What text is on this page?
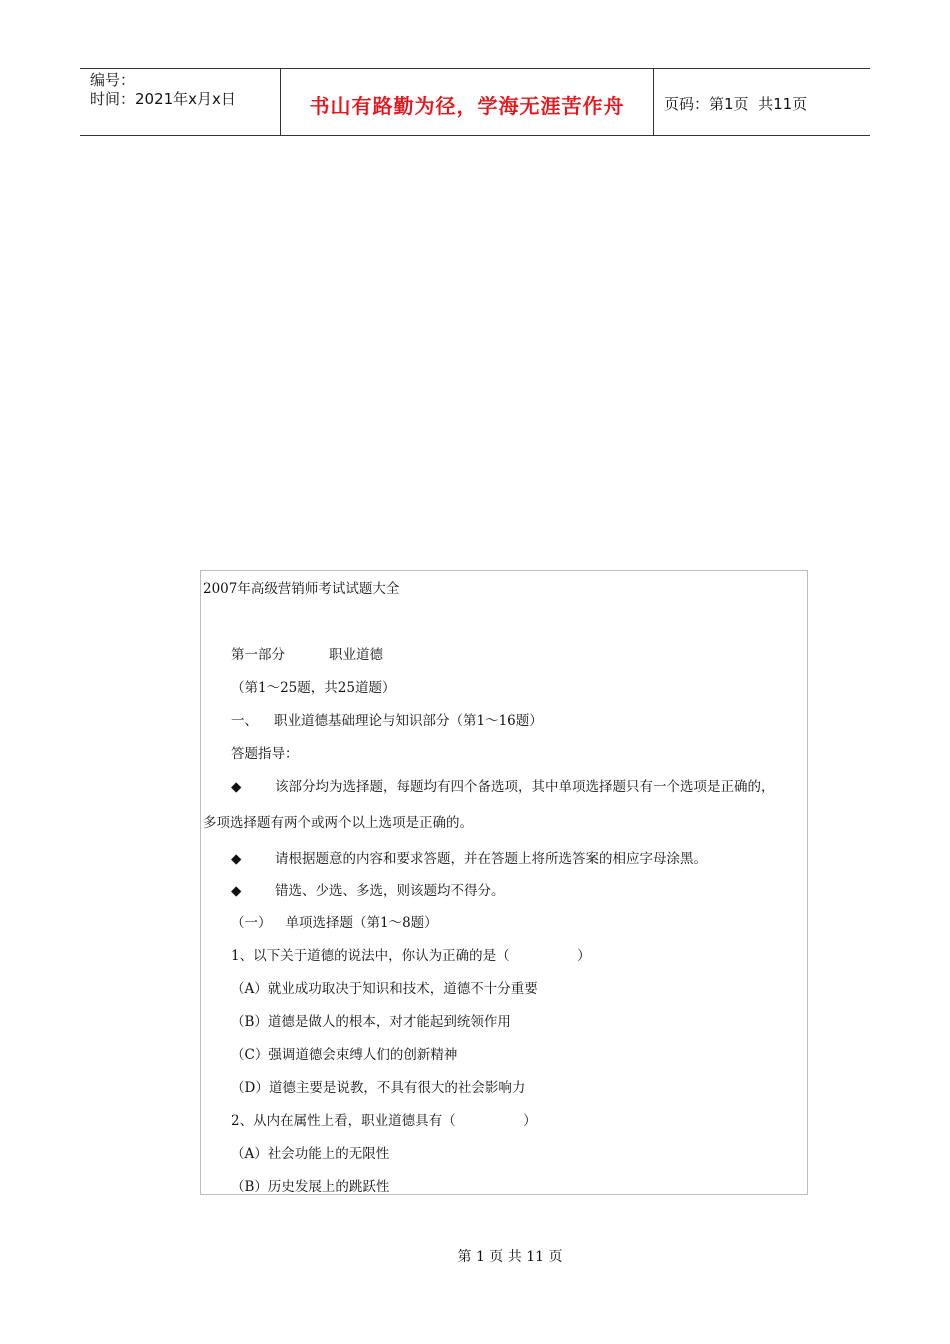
编号：
时间：2021年x月x日	书山有路勤为径，学海无涯苦作舟	页码：第1页  共11页
2007年高级营销师考试试题大全
第一部分	职业道德
（第1～25题，共25道题）
一、 职业道德基础理论与知识部分（第1～16题）
答题指导：
◆ 该部分均为选择题，每题均有四个备选项，其中单项选择题只有一个选项是正确的，
多项选择题有两个或两个以上选项是正确的。
◆ 请根据题意的内容和要求答题，并在答题上将所选答案的相应字母涂黑。
◆ 错选、少选、多选，则该题均不得分。
（一） 单项选择题（第1～8题）
1、以下关于道德的说法中，你认为正确的是（　　　　　）
（A）就业成功取决于知识和技术，道德不十分重要
（B）道德是做人的根本，对才能起到统领作用
（C）强调道德会束缚人们的创新精神
（D）道德主要是说教，不具有很大的社会影响力
2、从内在属性上看，职业道德具有（　　　　　）
（A）社会功能上的无限性
（B）历史发展上的跳跃性
第 1 页 共 11 页
